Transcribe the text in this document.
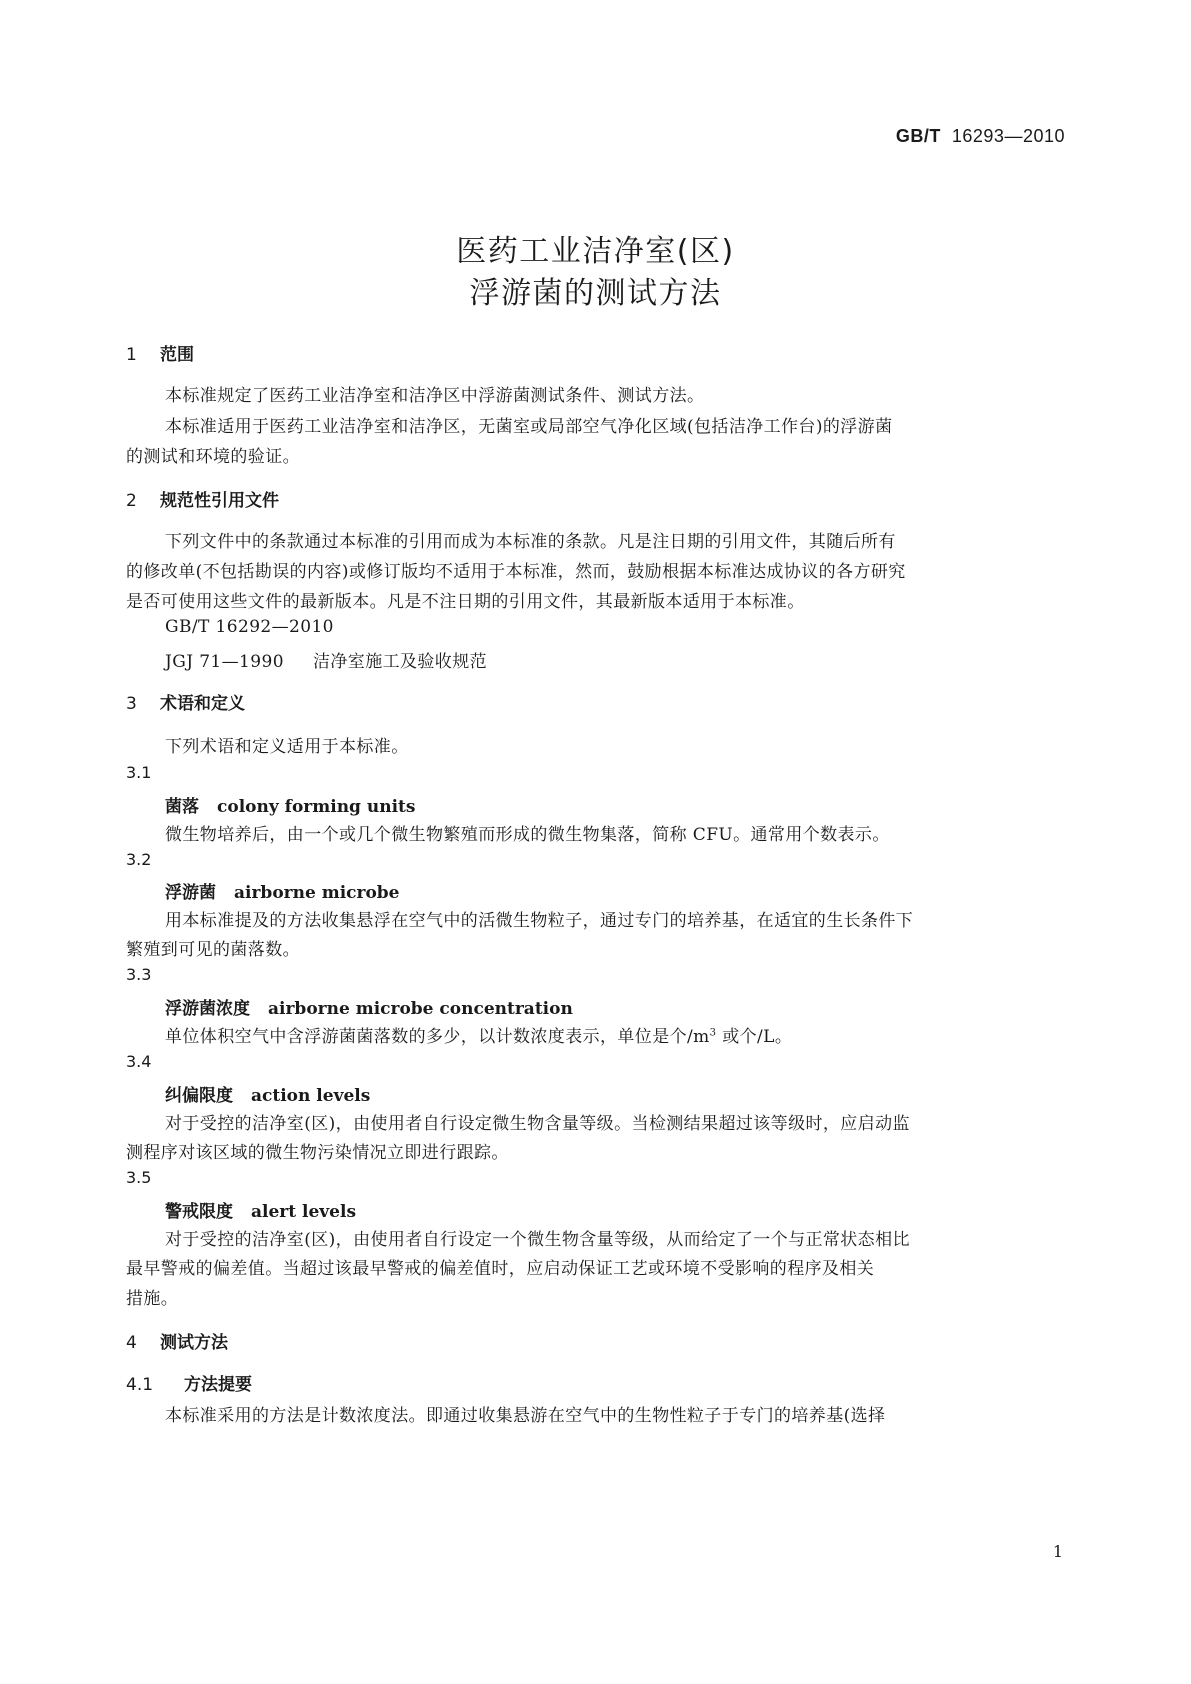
GB/T 16293—2010
医药工业洁净室(区)
浮游菌的测试方法
1 范围
本标准规定了医药工业洁净室和洁净区中浮游菌测试条件、测试方法。
本标准适用于医药工业洁净室和洁净区，无菌室或局部空气净化区域(包括洁净工作台)的浮游菌
的测试和环境的验证。
2 规范性引用文件
下列文件中的条款通过本标准的引用而成为本标准的条款。凡是注日期的引用文件，其随后所有
的修改单(不包括勘误的内容)或修订版均不适用于本标准，然而，鼓励根据本标准达成协议的各方研究
是否可使用这些文件的最新版本。凡是不注日期的引用文件，其最新版本适用于本标准。
GB/T 16292—2010
JGJ 71—1990 洁净室施工及验收规范
3 术语和定义
下列术语和定义适用于本标准。
3.1
菌落 colony forming units
微生物培养后，由一个或几个微生物繁殖而形成的微生物集落，简称 CFU。通常用个数表示。
3.2
浮游菌 airborne microbe
用本标准提及的方法收集悬浮在空气中的活微生物粒子，通过专门的培养基，在适宜的生长条件下
繁殖到可见的菌落数。
3.3
浮游菌浓度 airborne microbe concentration
单位体积空气中含浮游菌菌落数的多少，以计数浓度表示，单位是个$/m^3$ 或个/L。
3.4
纠偏限度 action levels
对于受控的洁净室(区)，由使用者自行设定微生物含量等级。当检测结果超过该等级时，应启动监
测程序对该区域的微生物污染情况立即进行跟踪。
3.5
警戒限度 alert levels
对于受控的洁净室(区)，由使用者自行设定一个微生物含量等级，从而给定了一个与正常状态相比
最早警戒的偏差值。当超过该最早警戒的偏差值时，应启动保证工艺或环境不受影响的程序及相关
措施。
4 测试方法
4.1 方法提要
本标准采用的方法是计数浓度法。即通过收集悬游在空气中的生物性粒子于专门的培养基(选择
1
